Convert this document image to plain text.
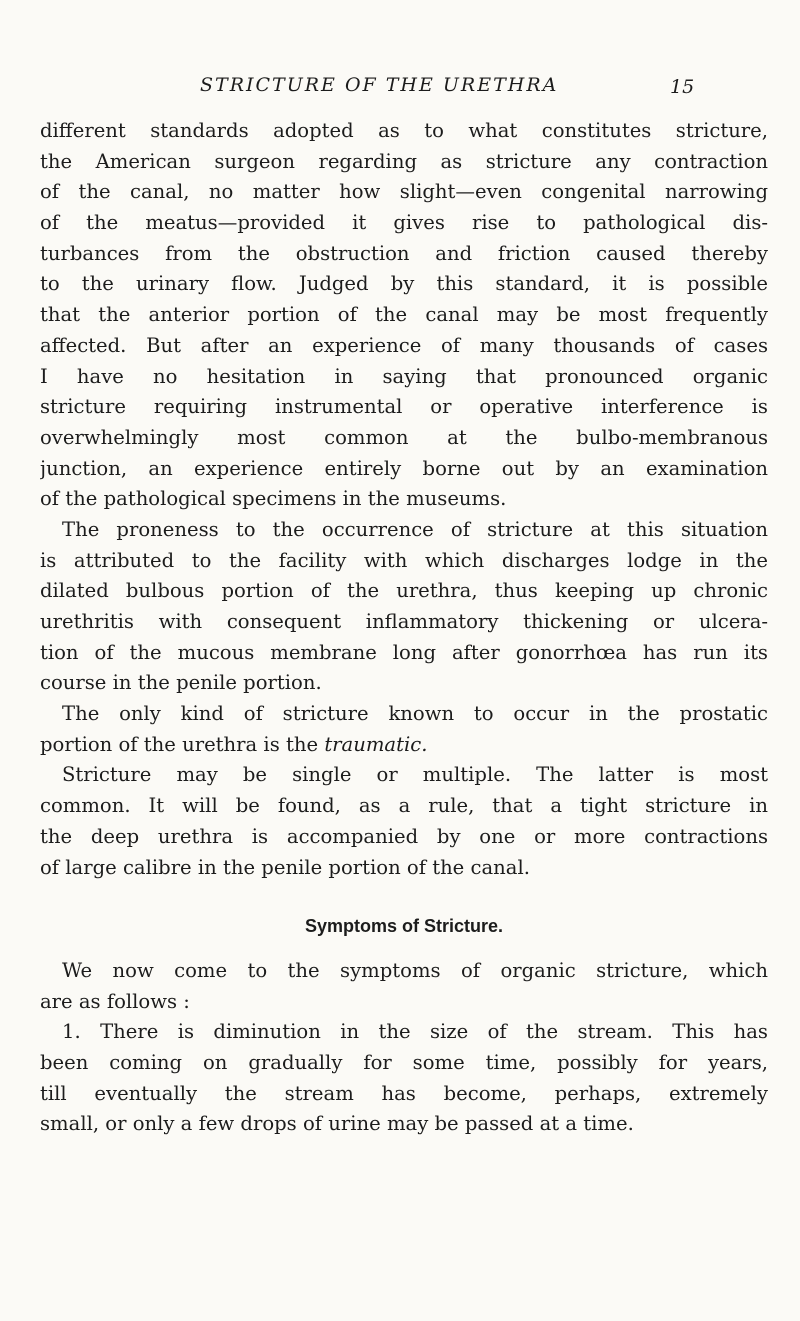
STRICTURE OF THE URETHRA	15
different standards adopted as to what constitutes stricture,
the American surgeon regarding as stricture any contraction
of the canal, no matter how slight—even congenital narrowing
of the meatus—provided it gives rise to pathological dis-
turbances from the obstruction and friction caused thereby
to the urinary flow. Judged by this standard, it is possible
that the anterior portion of the canal may be most frequently
affected. But after an experience of many thousands of cases
I have no hesitation in saying that pronounced organic
stricture requiring instrumental or operative interference is
overwhelmingly most common at the bulbo-membranous
junction, an experience entirely borne out by an examination
of the pathological specimens in the museums.
The proneness to the occurrence of stricture at this situation
is attributed to the facility with which discharges lodge in the
dilated bulbous portion of the urethra, thus keeping up chronic
urethritis with consequent inflammatory thickening or ulcera-
tion of the mucous membrane long after gonorrhœa has run its
course in the penile portion.
The only kind of stricture known to occur in the prostatic
portion of the urethra is the traumatic.
Stricture may be single or multiple. The latter is most
common. It will be found, as a rule, that a tight stricture in
the deep urethra is accompanied by one or more contractions
of large calibre in the penile portion of the canal.
Symptoms of Stricture.
We now come to the symptoms of organic stricture, which
are as follows :
1. There is diminution in the size of the stream. This has
been coming on gradually for some time, possibly for years,
till eventually the stream has become, perhaps, extremely
small, or only a few drops of urine may be passed at a time.
